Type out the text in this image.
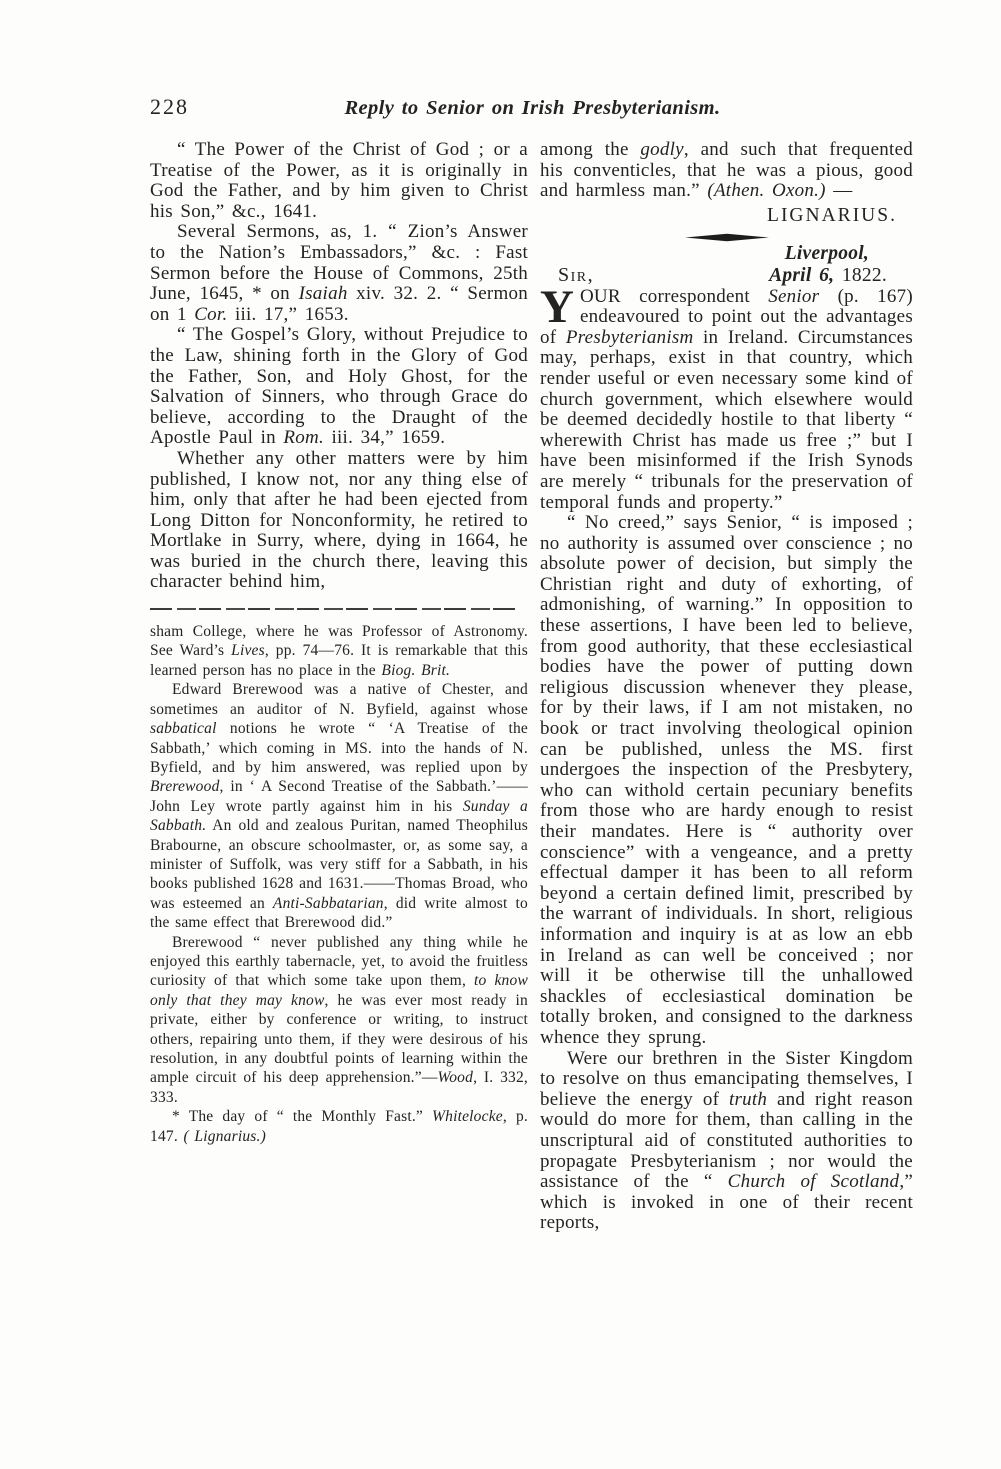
228	Reply to Senior on Irish Presbyterianism.

“ The Power of the Christ of God ; or a Treatise of the Power, as it is originally in God the Father, and by him given to Christ his Son,” &c., 1641.

Several Sermons, as, 1. “ Zion’s Answer to the Nation’s Embassadors,” &c. : Fast Sermon before the House of Commons, 25th June, 1645, * on Isaiah xiv. 32. 2. “ Sermon on 1 Cor. iii. 17,” 1653.

“ The Gospel’s Glory, without Prejudice to the Law, shining forth in the Glory of God the Father, Son, and Holy Ghost, for the Salvation of Sinners, who through Grace do believe, according to the Draught of the Apostle Paul in Rom. iii. 34,” 1659.

Whether any other matters were by him published, I know not, nor any thing else of him, only that after he had been ejected from Long Ditton for Nonconformity, he retired to Mortlake in Surry, where, dying in 1664, he was buried in the church there, leaving this character behind him,

sham College, where he was Professor of Astronomy. See Ward’s Lives, pp. 74—76. It is remarkable that this learned person has no place in the Biog. Brit.

Edward Brerewood was a native of Chester, and sometimes an auditor of N. Byfield, against whose sabbatical notions he wrote “ ‘A Treatise of the Sabbath,’ which coming in MS. into the hands of N. Byfield, and by him answered, was replied upon by Brerewood, in ‘ A Second Treatise of the Sabbath.’——John Ley wrote partly against him in his Sunday a Sabbath. An old and zealous Puritan, named Theophilus Brabourne, an obscure schoolmaster, or, as some say, a minister of Suffolk, was very stiff for a Sabbath, in his books published 1628 and 1631.——Thomas Broad, who was esteemed an Anti-Sabbatarian, did write almost to the same effect that Brerewood did.”

Brerewood “ never published any thing while he enjoyed this earthly tabernacle, yet, to avoid the fruitless curiosity of that which some take upon them, to know only that they may know, he was ever most ready in private, either by conference or writing, to instruct others, repairing unto them, if they were desirous of his resolution, in any doubtful points of learning within the ample circuit of his deep apprehension.”—Wood, I. 332, 333.

* The day of “ the Monthly Fast.” Whitelocke, p. 147. ( Lignarius.)

among the godly, and such that frequented his conventicles, that he was a pious, good and harmless man.” (Athen. Oxon.) —

LIGNARIUS.
Liverpool,
Sir,	April 6, 1822.

YOUR correspondent Senior (p. 167) endeavoured to point out the advantages of Presbyterianism in Ireland. Circumstances may, perhaps, exist in that country, which render useful or even necessary some kind of church government, which elsewhere would be deemed decidedly hostile to that liberty “ wherewith Christ has made us free ;” but I have been misinformed if the Irish Synods are merely “ tribunals for the preservation of temporal funds and property.”

“ No creed,” says Senior, “ is imposed ; no authority is assumed over conscience ; no absolute power of decision, but simply the Christian right and duty of exhorting, of admonishing, of warning.” In opposition to these assertions, I have been led to believe, from good authority, that these ecclesiastical bodies have the power of putting down religious discussion whenever they please, for by their laws, if I am not mistaken, no book or tract involving theological opinion can be published, unless the MS. first undergoes the inspection of the Presbytery, who can withold certain pecuniary benefits from those who are hardy enough to resist their mandates. Here is “ authority over conscience” with a vengeance, and a pretty effectual damper it has been to all reform beyond a certain defined limit, prescribed by the warrant of individuals. In short, religious information and inquiry is at as low an ebb in Ireland as can well be conceived ; nor will it be otherwise till the unhallowed shackles of ecclesiastical domination be totally broken, and consigned to the darkness whence they sprung.

Were our brethren in the Sister Kingdom to resolve on thus emancipating themselves, I believe the energy of truth and right reason would do more for them, than calling in the unscriptural aid of constituted authorities to propagate Presbyterianism ; nor would the assistance of the “ Church of Scotland,” which is invoked in one of their recent reports,
